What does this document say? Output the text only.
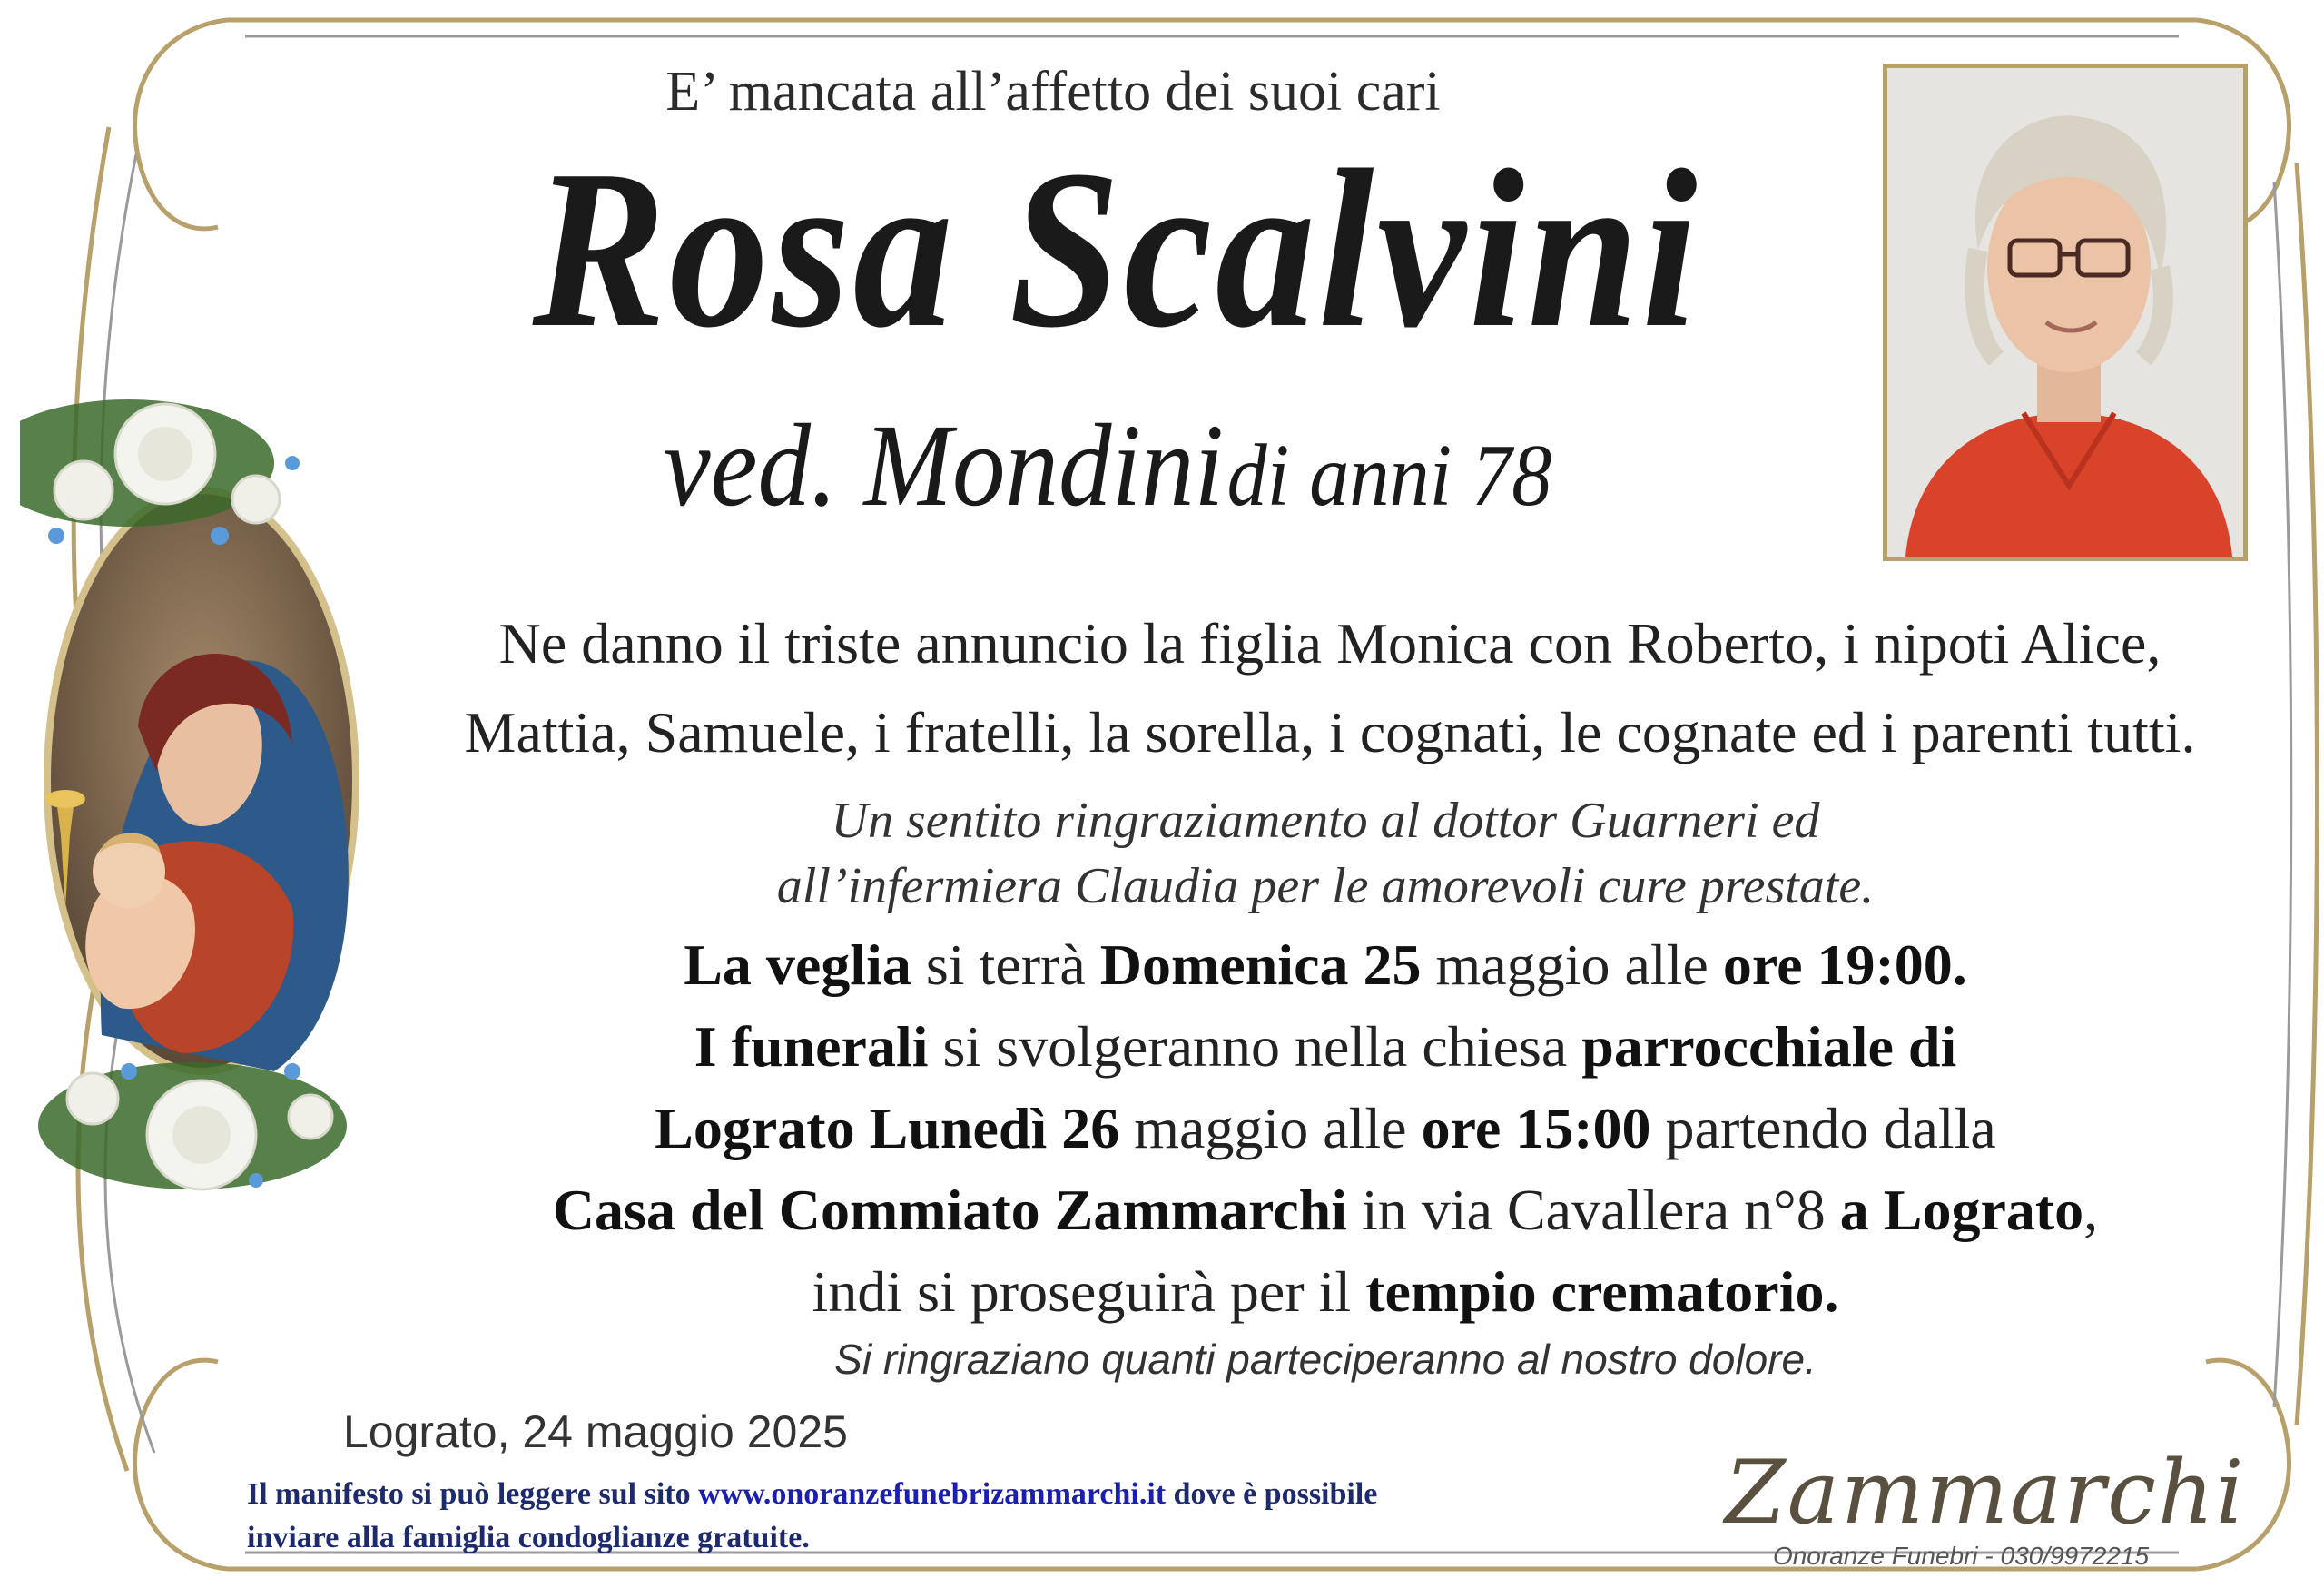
E’ mancata all’affetto dei suoi cari
Rosa Scalvini
ved. Mondini di anni 78
Ne danno il triste annuncio la figlia Monica con Roberto, i nipoti Alice,
Mattia, Samuele, i fratelli, la sorella, i cognati, le cognate ed i parenti tutti.
Un sentito ringraziamento al dottor Guarneri ed
all’infermiera Claudia per le amorevoli cure prestate.
La veglia si terrà Domenica 25 maggio alle ore 19:00.
I funerali si svolgeranno nella chiesa parrocchiale di
Lograto Lunedì 26 maggio alle ore 15:00 partendo dalla
Casa del Commiato Zammarchi in via Cavallera n°8 a Lograto,
indi si proseguirà per il tempio crematorio.
Si ringraziano quanti parteciperanno al nostro dolore.
Lograto, 24 maggio 2025
Il manifesto si può leggere sul sito www.onoranzefunebrizammarchi.it dove è possibile
inviare alla famiglia condoglianze gratuite.	Zammarchi
Onoranze Funebri - 030/9972215
